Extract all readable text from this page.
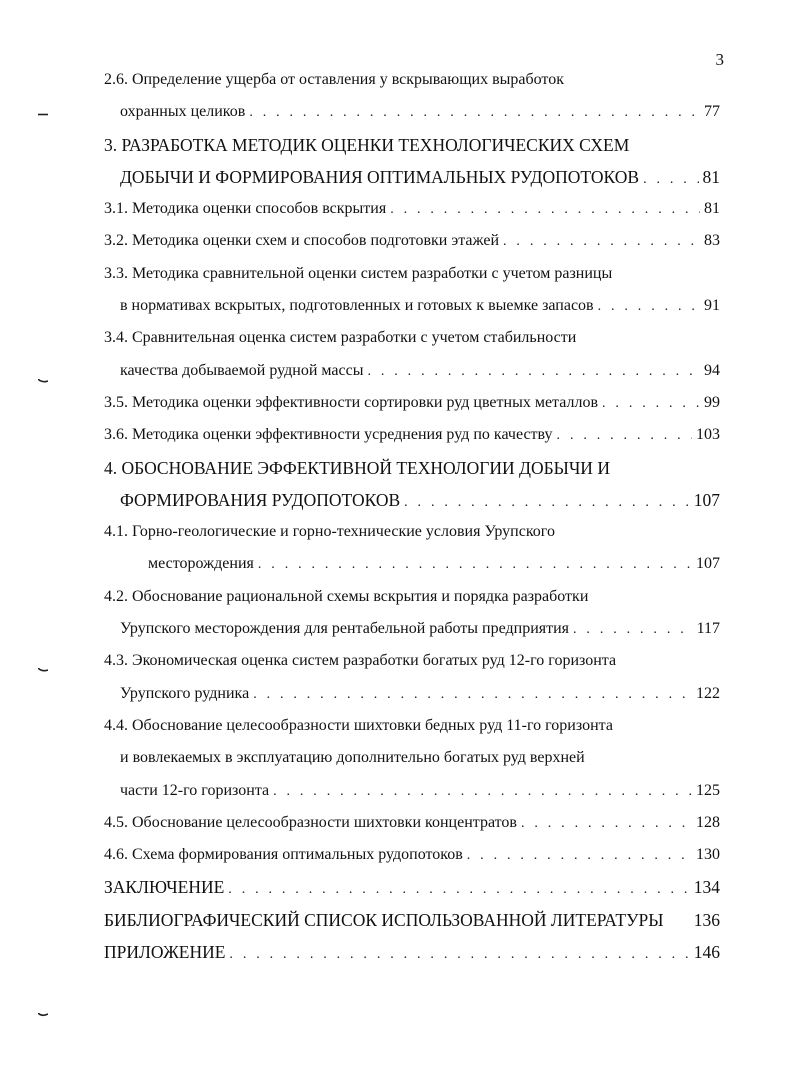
3
2.6. Определение ущерба от оставления у вскрывающих выработок
охранных целиков . . .	77
3. РАЗРАБОТКА МЕТОДИК ОЦЕНКИ ТЕХНОЛОГИЧЕСКИХ СХЕМ
ДОБЫЧИ И ФОРМИРОВАНИЯ ОПТИМАЛЬНЫХ РУДОПОТОКОВ . . .	81
3.1. Методика оценки способов вскрытия . . .	81
3.2. Методика оценки схем и способов подготовки этажей . . .	83
3.3. Методика сравнительной оценки систем разработки с учетом разницы
в нормативах вскрытых, подготовленных и готовых к выемке запасов . . .	91
3.4. Сравнительная оценка систем разработки с учетом стабильности
качества добываемой рудной массы . . .	94
3.5. Методика оценки эффективности сортировки руд цветных металлов . . .	99
3.6. Методика оценки эффективности усреднения руд по качеству . . .	103
4. ОБОСНОВАНИЕ ЭФФЕКТИВНОЙ ТЕХНОЛОГИИ ДОБЫЧИ И
ФОРМИРОВАНИЯ РУДОПОТОКОВ . . .	107
4.1. Горно-геологические и горно-технические условия Урупского
месторождения . . .	107
4.2. Обоснование рациональной схемы вскрытия и порядка разработки
Урупского месторождения для рентабельной работы предприятия . . .	117
4.3. Экономическая оценка систем разработки богатых руд 12-го горизонта
Урупского рудника . . .	122
4.4. Обоснование целесообразности шихтовки бедных руд 11-го горизонта
и вовлекаемых в эксплуатацию дополнительно богатых руд верхней
части 12-го горизонта . . .	125
4.5. Обоснование целесообразности шихтовки концентратов . . .	128
4.6. Схема формирования оптимальных рудопотоков . . .	130
ЗАКЛЮЧЕНИЕ . . .	134
БИБЛИОГРАФИЧЕСКИЙ СПИСОК ИСПОЛЬЗОВАННОЙ ЛИТЕРАТУРЫ 136
ПРИЛОЖЕНИЕ . . .	146
